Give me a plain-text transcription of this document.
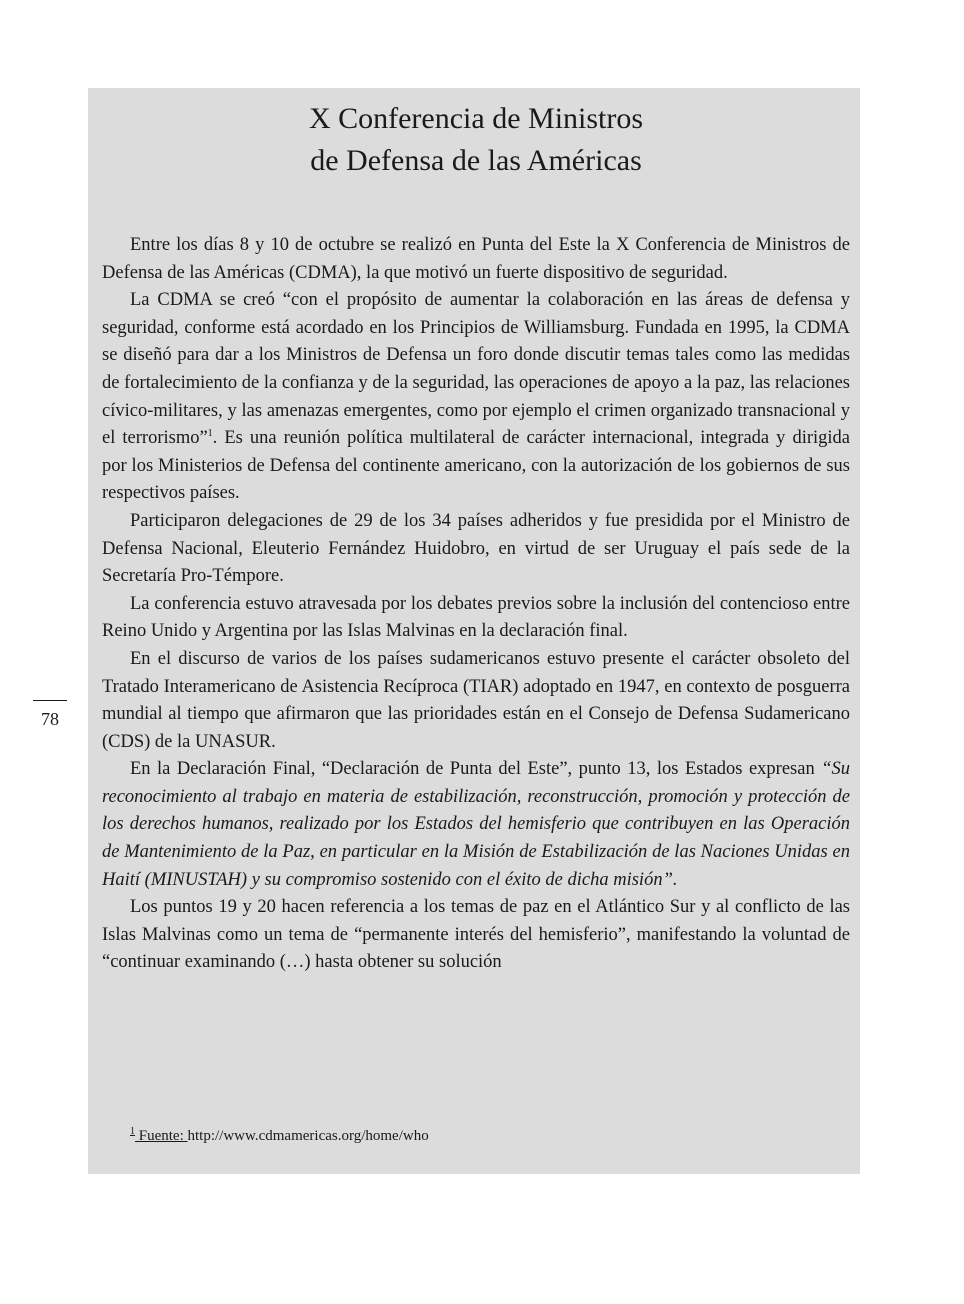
X Conferencia de Ministros
de Defensa de las Américas

Entre los días 8 y 10 de octubre se realizó en Punta del Este la X Conferencia de Ministros de Defensa de las Américas (CDMA), la que motivó un fuerte dispositivo de seguridad.

La CDMA se creó “con el propósito de aumentar la colaboración en las áreas de defensa y seguridad, conforme está acordado en los Principios de Williamsburg. Fundada en 1995, la CDMA se diseñó para dar a los Ministros de Defensa un foro donde discutir temas tales como las medidas de fortalecimiento de la confianza y de la seguridad, las operaciones de apoyo a la paz, las relaciones cívico-militares, y las amenazas emergentes, como por ejemplo el crimen organizado transnacional y el terrorismo”$^1$. Es una reunión política multilateral de carácter internacional, integrada y dirigida por los Ministerios de Defensa del continente americano, con la autorización de los gobiernos de sus respectivos países.

Participaron delegaciones de 29 de los 34 países adheridos y fue presidida por el Ministro de Defensa Nacional, Eleuterio Fernández Huidobro, en virtud de ser Uruguay el país sede de la Secretaría Pro-Témpore.

La conferencia estuvo atravesada por los debates previos sobre la inclusión del contencioso entre Reino Unido y Argentina por las Islas Malvinas en la declaración final.

En el discurso de varios de los países sudamericanos estuvo presente el carácter obsoleto del Tratado Interamericano de Asistencia Recíproca (TIAR) adoptado en 1947, en contexto de posguerra mundial al tiempo que afirmaron que las prioridades están en el Consejo de Defensa Sudamericano (CDS) de la UNASUR.

En la Declaración Final, “Declaración de Punta del Este”, punto 13, los Estados expresan “Su reconocimiento al trabajo en materia de estabilización, reconstrucción, promoción y protección de los derechos humanos, realizado por los Estados del hemisferio que contribuyen en las Operación de Mantenimiento de la Paz, en particular en la Misión de Estabilización de las Naciones Unidas en Haití (MINUSTAH) y su compromiso sostenido con el éxito de dicha misión”.

Los puntos 19 y 20 hacen referencia a los temas de paz en el Atlántico Sur y al conflicto de las Islas Malvinas como un tema de “permanente interés del hemisferio”, manifestando la voluntad de “continuar examinando (…) hasta obtener su solución

$^1$ Fuente: http://www.cdmamericas.org/home/who
78
